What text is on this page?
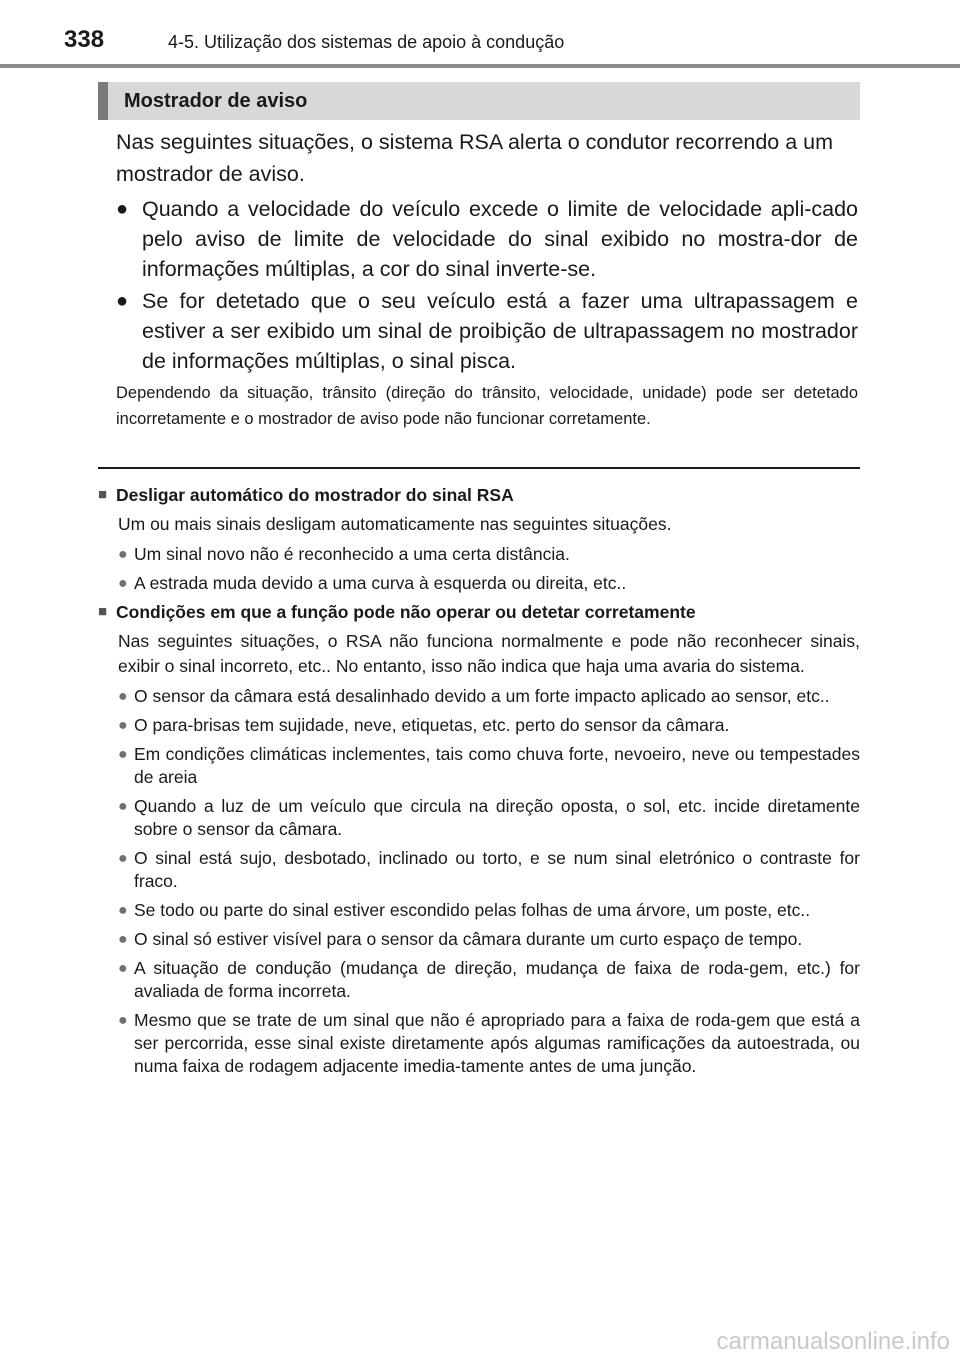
338	4-5. Utilização dos sistemas de apoio à condução
Mostrador de aviso

Nas seguintes situações, o sistema RSA alerta o condutor recorrendo a um mostrador de aviso.

● Quando a velocidade do veículo excede o limite de velocidade apli-cado pelo aviso de limite de velocidade do sinal exibido no mostra-dor de informações múltiplas, a cor do sinal inverte-se.
● Se for detetado que o seu veículo está a fazer uma ultrapassagem e estiver a ser exibido um sinal de proibição de ultrapassagem no mostrador de informações múltiplas, o sinal pisca.
Dependendo da situação, trânsito (direção do trânsito, velocidade, unidade) pode ser detetado incorretamente e o mostrador de aviso pode não funcionar corretamente.
■ Desligar automático do mostrador do sinal RSA
Um ou mais sinais desligam automaticamente nas seguintes situações.
● Um sinal novo não é reconhecido a uma certa distância.
● A estrada muda devido a uma curva à esquerda ou direita, etc..
■ Condições em que a função pode não operar ou detetar corretamente
Nas seguintes situações, o RSA não funciona normalmente e pode não reconhecer sinais, exibir o sinal incorreto, etc.. No entanto, isso não indica que haja uma avaria do sistema.
● O sensor da câmara está desalinhado devido a um forte impacto aplicado ao sensor, etc..
● O para-brisas tem sujidade, neve, etiquetas, etc. perto do sensor da câmara.
● Em condições climáticas inclementes, tais como chuva forte, nevoeiro, neve ou tempestades de areia
● Quando a luz de um veículo que circula na direção oposta, o sol, etc. incide diretamente sobre o sensor da câmara.
● O sinal está sujo, desbotado, inclinado ou torto, e se num sinal eletrónico o contraste for fraco.
● Se todo ou parte do sinal estiver escondido pelas folhas de uma árvore, um poste, etc..
● O sinal só estiver visível para o sensor da câmara durante um curto espaço de tempo.
● A situação de condução (mudança de direção, mudança de faixa de roda-gem, etc.) for avaliada de forma incorreta.
● Mesmo que se trate de um sinal que não é apropriado para a faixa de roda-gem que está a ser percorrida, esse sinal existe diretamente após algumas ramificações da autoestrada, ou numa faixa de rodagem adjacente imedia-tamente antes de uma junção.
carmanualsonline.info
